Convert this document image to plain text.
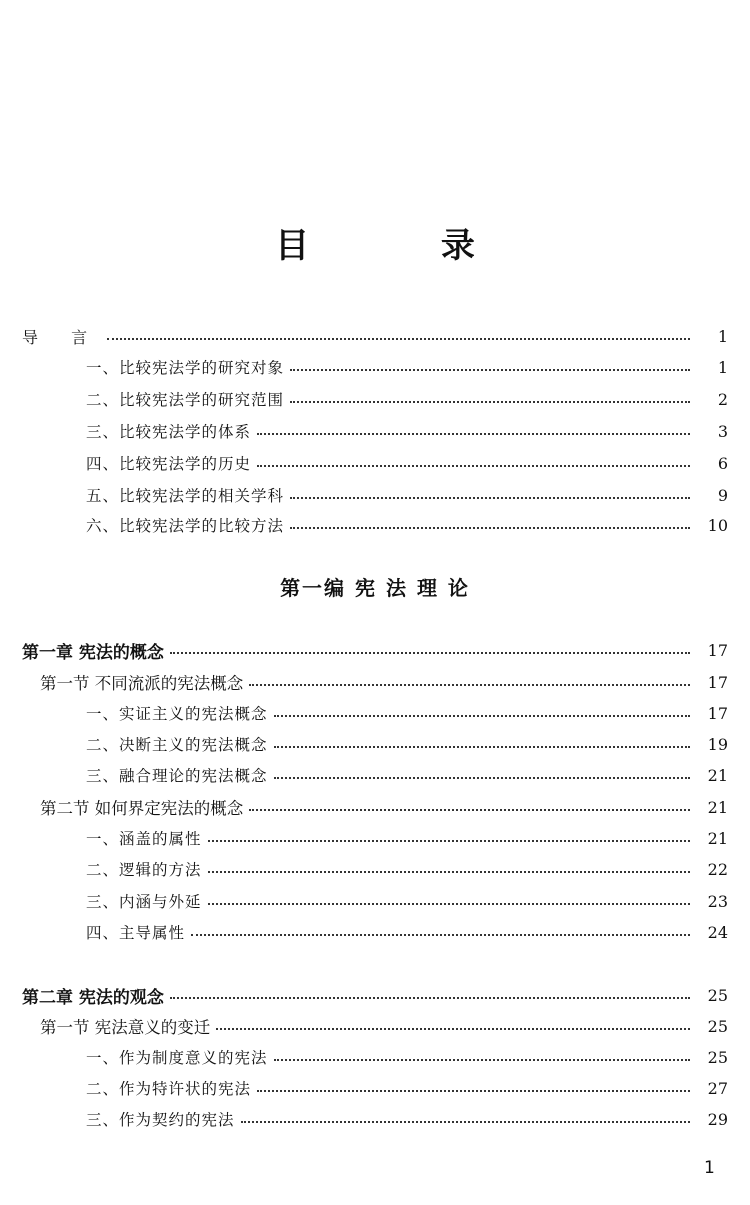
目 录
导 言	1
一、比较宪法学的研究对象	1
二、比较宪法学的研究范围	2
三、比较宪法学的体系	3
四、比较宪法学的历史	6
五、比较宪法学的相关学科	9
六、比较宪法学的比较方法	10
第一编 宪 法 理 论
第一章 宪法的概念	17
第一节 不同流派的宪法概念	17
一、实证主义的宪法概念	17
二、决断主义的宪法概念	19
三、融合理论的宪法概念	21
第二节 如何界定宪法的概念	21
一、涵盖的属性	21
二、逻辑的方法	22
三、内涵与外延	23
四、主导属性	24
第二章 宪法的观念	25
第一节 宪法意义的变迁	25
一、作为制度意义的宪法	25
二、作为特许状的宪法	27
三、作为契约的宪法	29
1
